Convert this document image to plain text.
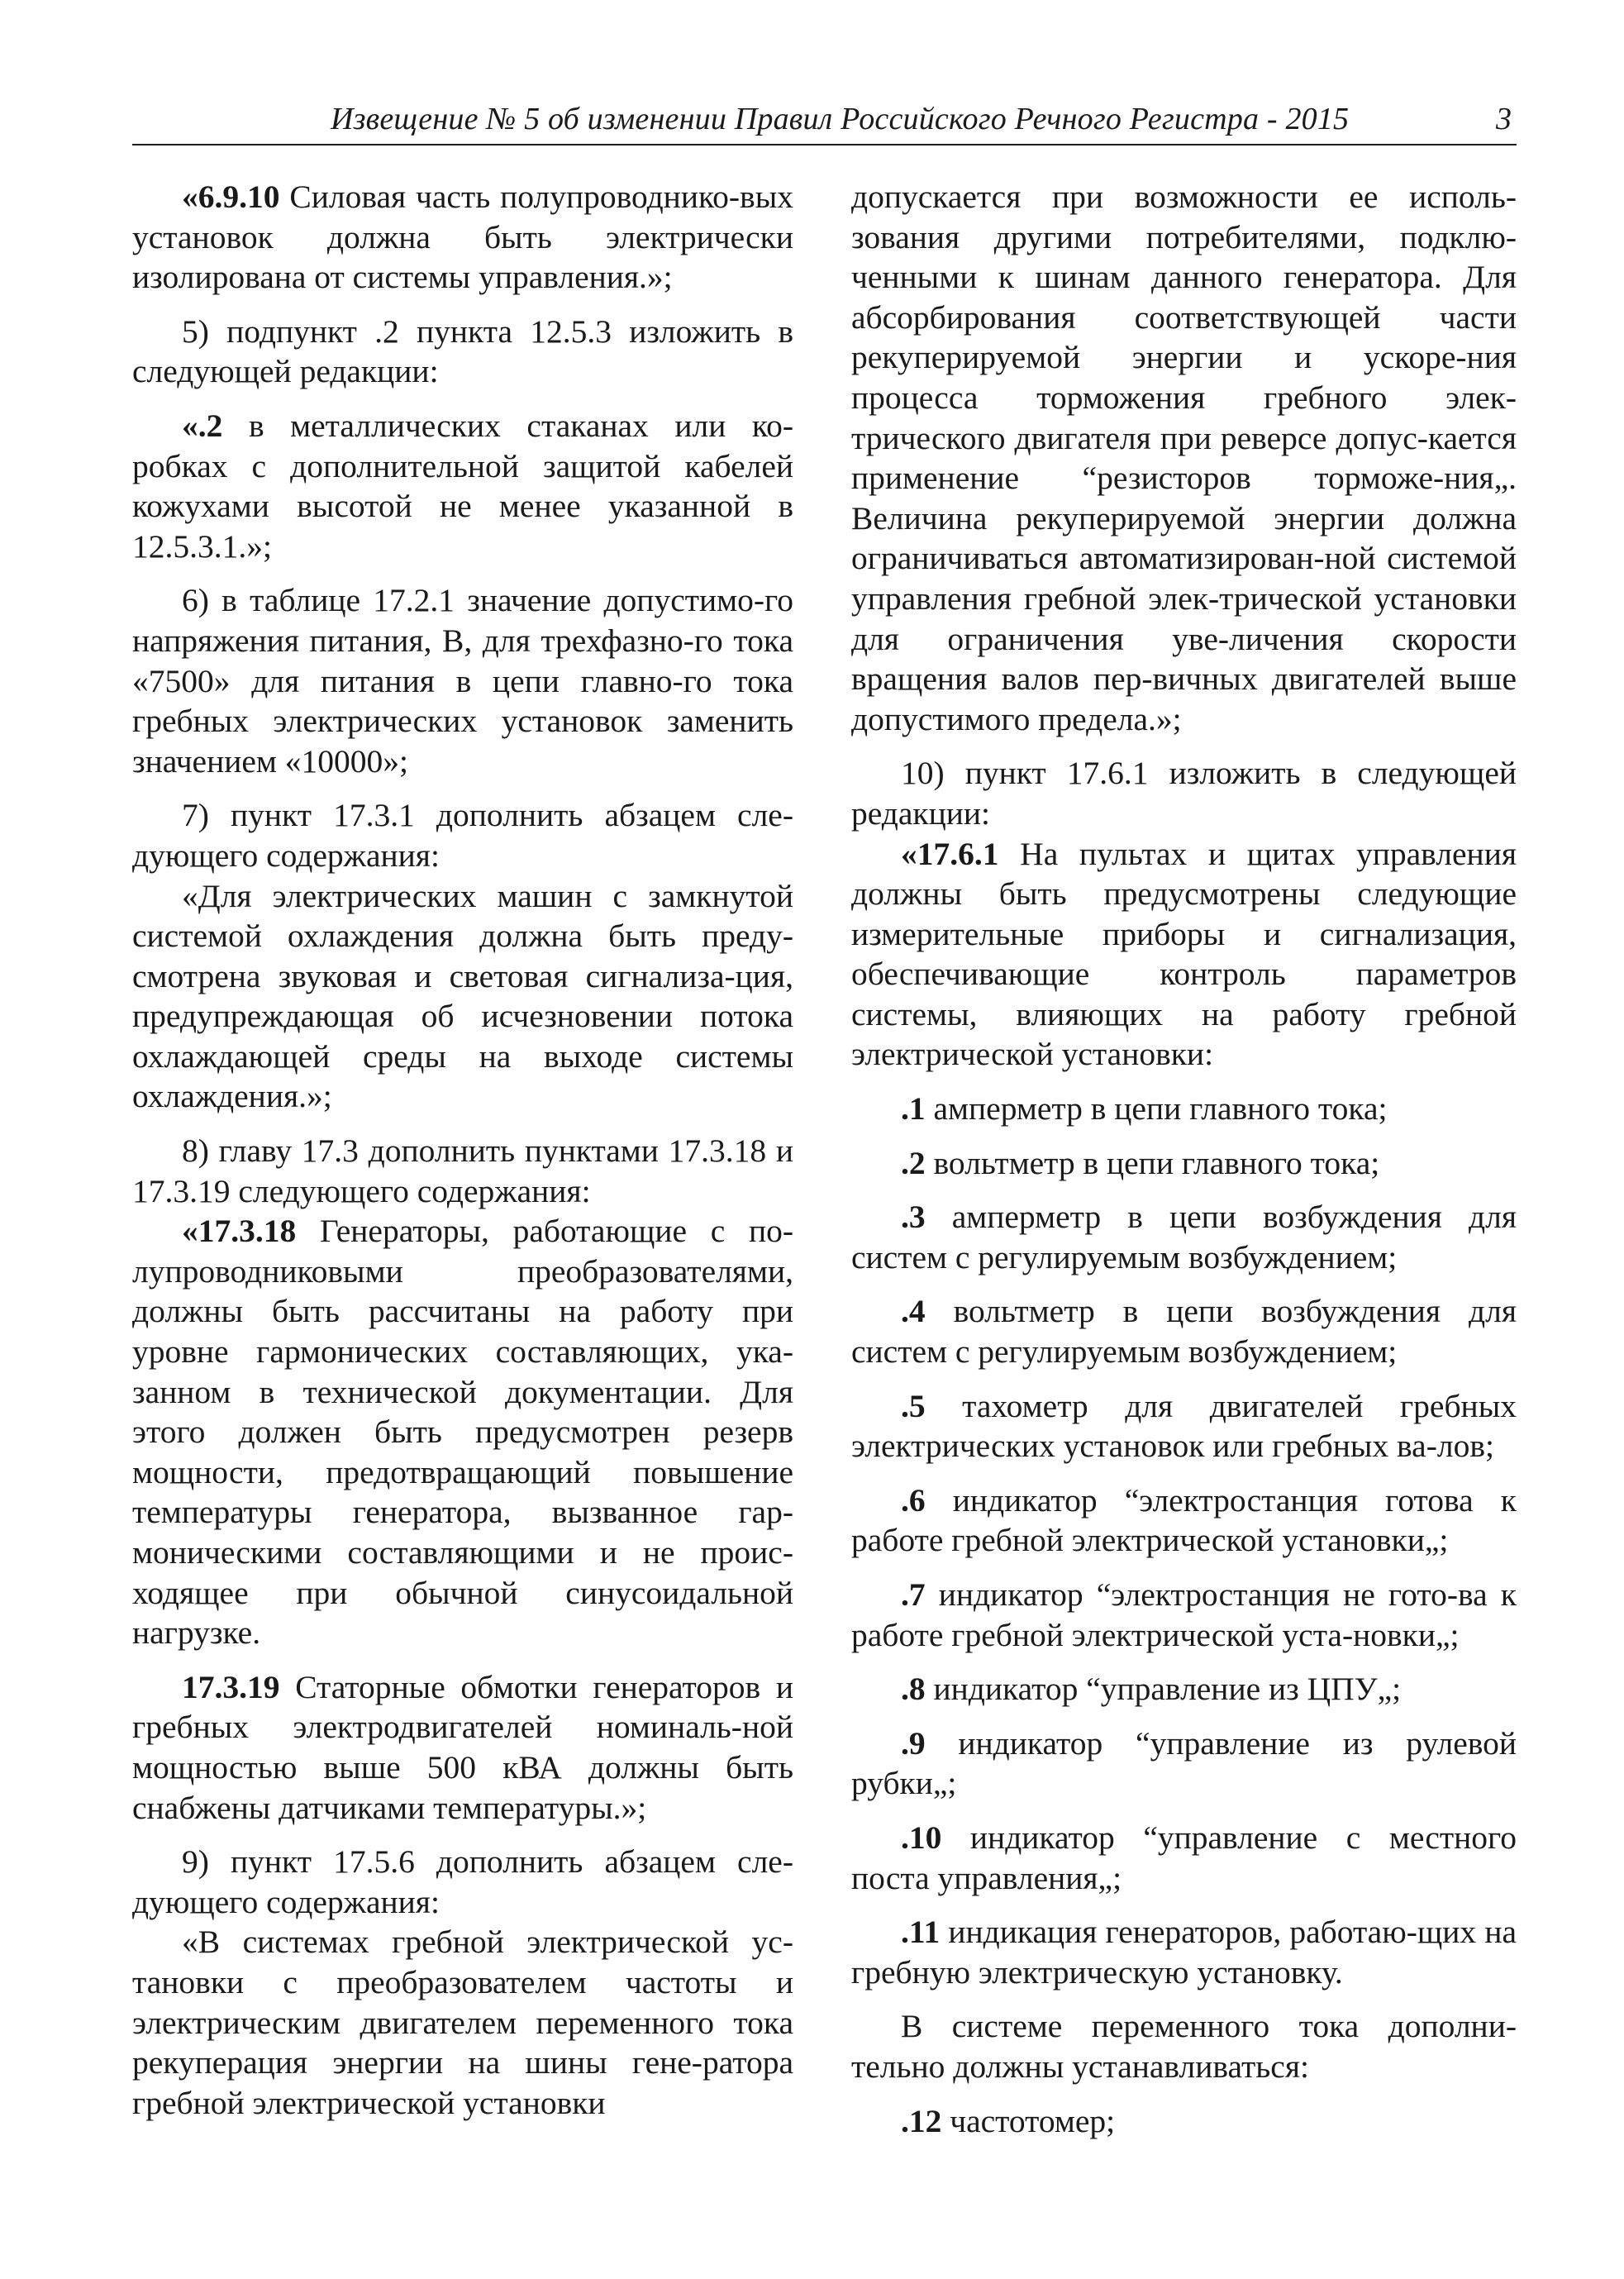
Извещение № 5 об изменении Правил Российского Речного Регистра - 2015	3

«6.9.10 Силовая часть полупроводнико-вых установок должна быть электрически изолирована от системы управления.»;

5) подпункт .2 пункта 12.5.3 изложить в следующей редакции:

«.2 в металлических стаканах или ко-робках с дополнительной защитой кабелей кожухами высотой не менее указанной в 12.5.3.1.»;

6) в таблице 17.2.1 значение допустимо-го напряжения питания, В, для трехфазно-го тока «7500» для питания в цепи главно-го тока гребных электрических установок заменить значением «10000»;

7) пункт 17.3.1 дополнить абзацем сле-дующего содержания:

«Для электрических машин с замкнутой системой охлаждения должна быть преду-смотрена звуковая и световая сигнализа-ция, предупреждающая об исчезновении потока охлаждающей среды на выходе системы охлаждения.»;

8) главу 17.3 дополнить пунктами 17.3.18 и 17.3.19 следующего содержания:

«17.3.18 Генераторы, работающие с по-лупроводниковыми преобразователями, должны быть рассчитаны на работу при уровне гармонических составляющих, ука-занном в технической документации. Для этого должен быть предусмотрен резерв мощности, предотвращающий повышение температуры генератора, вызванное гар-моническими составляющими и не проис-ходящее при обычной синусоидальной нагрузке.

17.3.19 Статорные обмотки генераторов и гребных электродвигателей номиналь-ной мощностью выше 500 кВА должны быть снабжены датчиками температуры.»;

9) пункт 17.5.6 дополнить абзацем сле-дующего содержания:

«В системах гребной электрической ус-тановки с преобразователем частоты и электрическим двигателем переменного тока рекуперация энергии на шины гене-ратора гребной электрической установки

допускается при возможности ее исполь-зования другими потребителями, подклю-ченными к шинам данного генератора. Для абсорбирования соответствующей части рекуперируемой энергии и ускоре-ния процесса торможения гребного элек-трического двигателя при реверсе допус-кается применение “резисторов торможе-ния„. Величина рекуперируемой энергии должна ограничиваться автоматизирован-ной системой управления гребной элек-трической установки для ограничения уве-личения скорости вращения валов пер-вичных двигателей выше допустимого предела.»;

10) пункт 17.6.1 изложить в следующей редакции:

«17.6.1 На пультах и щитах управления должны быть предусмотрены следующие измерительные приборы и сигнализация, обеспечивающие контроль параметров системы, влияющих на работу гребной электрической установки:

.1 амперметр в цепи главного тока;

.2 вольтметр в цепи главного тока;

.3 амперметр в цепи возбуждения для систем с регулируемым возбуждением;

.4 вольтметр в цепи возбуждения для систем с регулируемым возбуждением;

.5 тахометр для двигателей гребных электрических установок или гребных ва-лов;

.6 индикатор “электростанция готова к работе гребной электрической установки„;

.7 индикатор “электростанция не гото-ва к работе гребной электрической уста-новки„;

.8 индикатор “управление из ЦПУ„;

.9 индикатор “управление из рулевой рубки„;

.10 индикатор “управление с местного поста управления„;

.11 индикация генераторов, работаю-щих на гребную электрическую установку.

В системе переменного тока дополни-тельно должны устанавливаться:

.12 частотомер;
